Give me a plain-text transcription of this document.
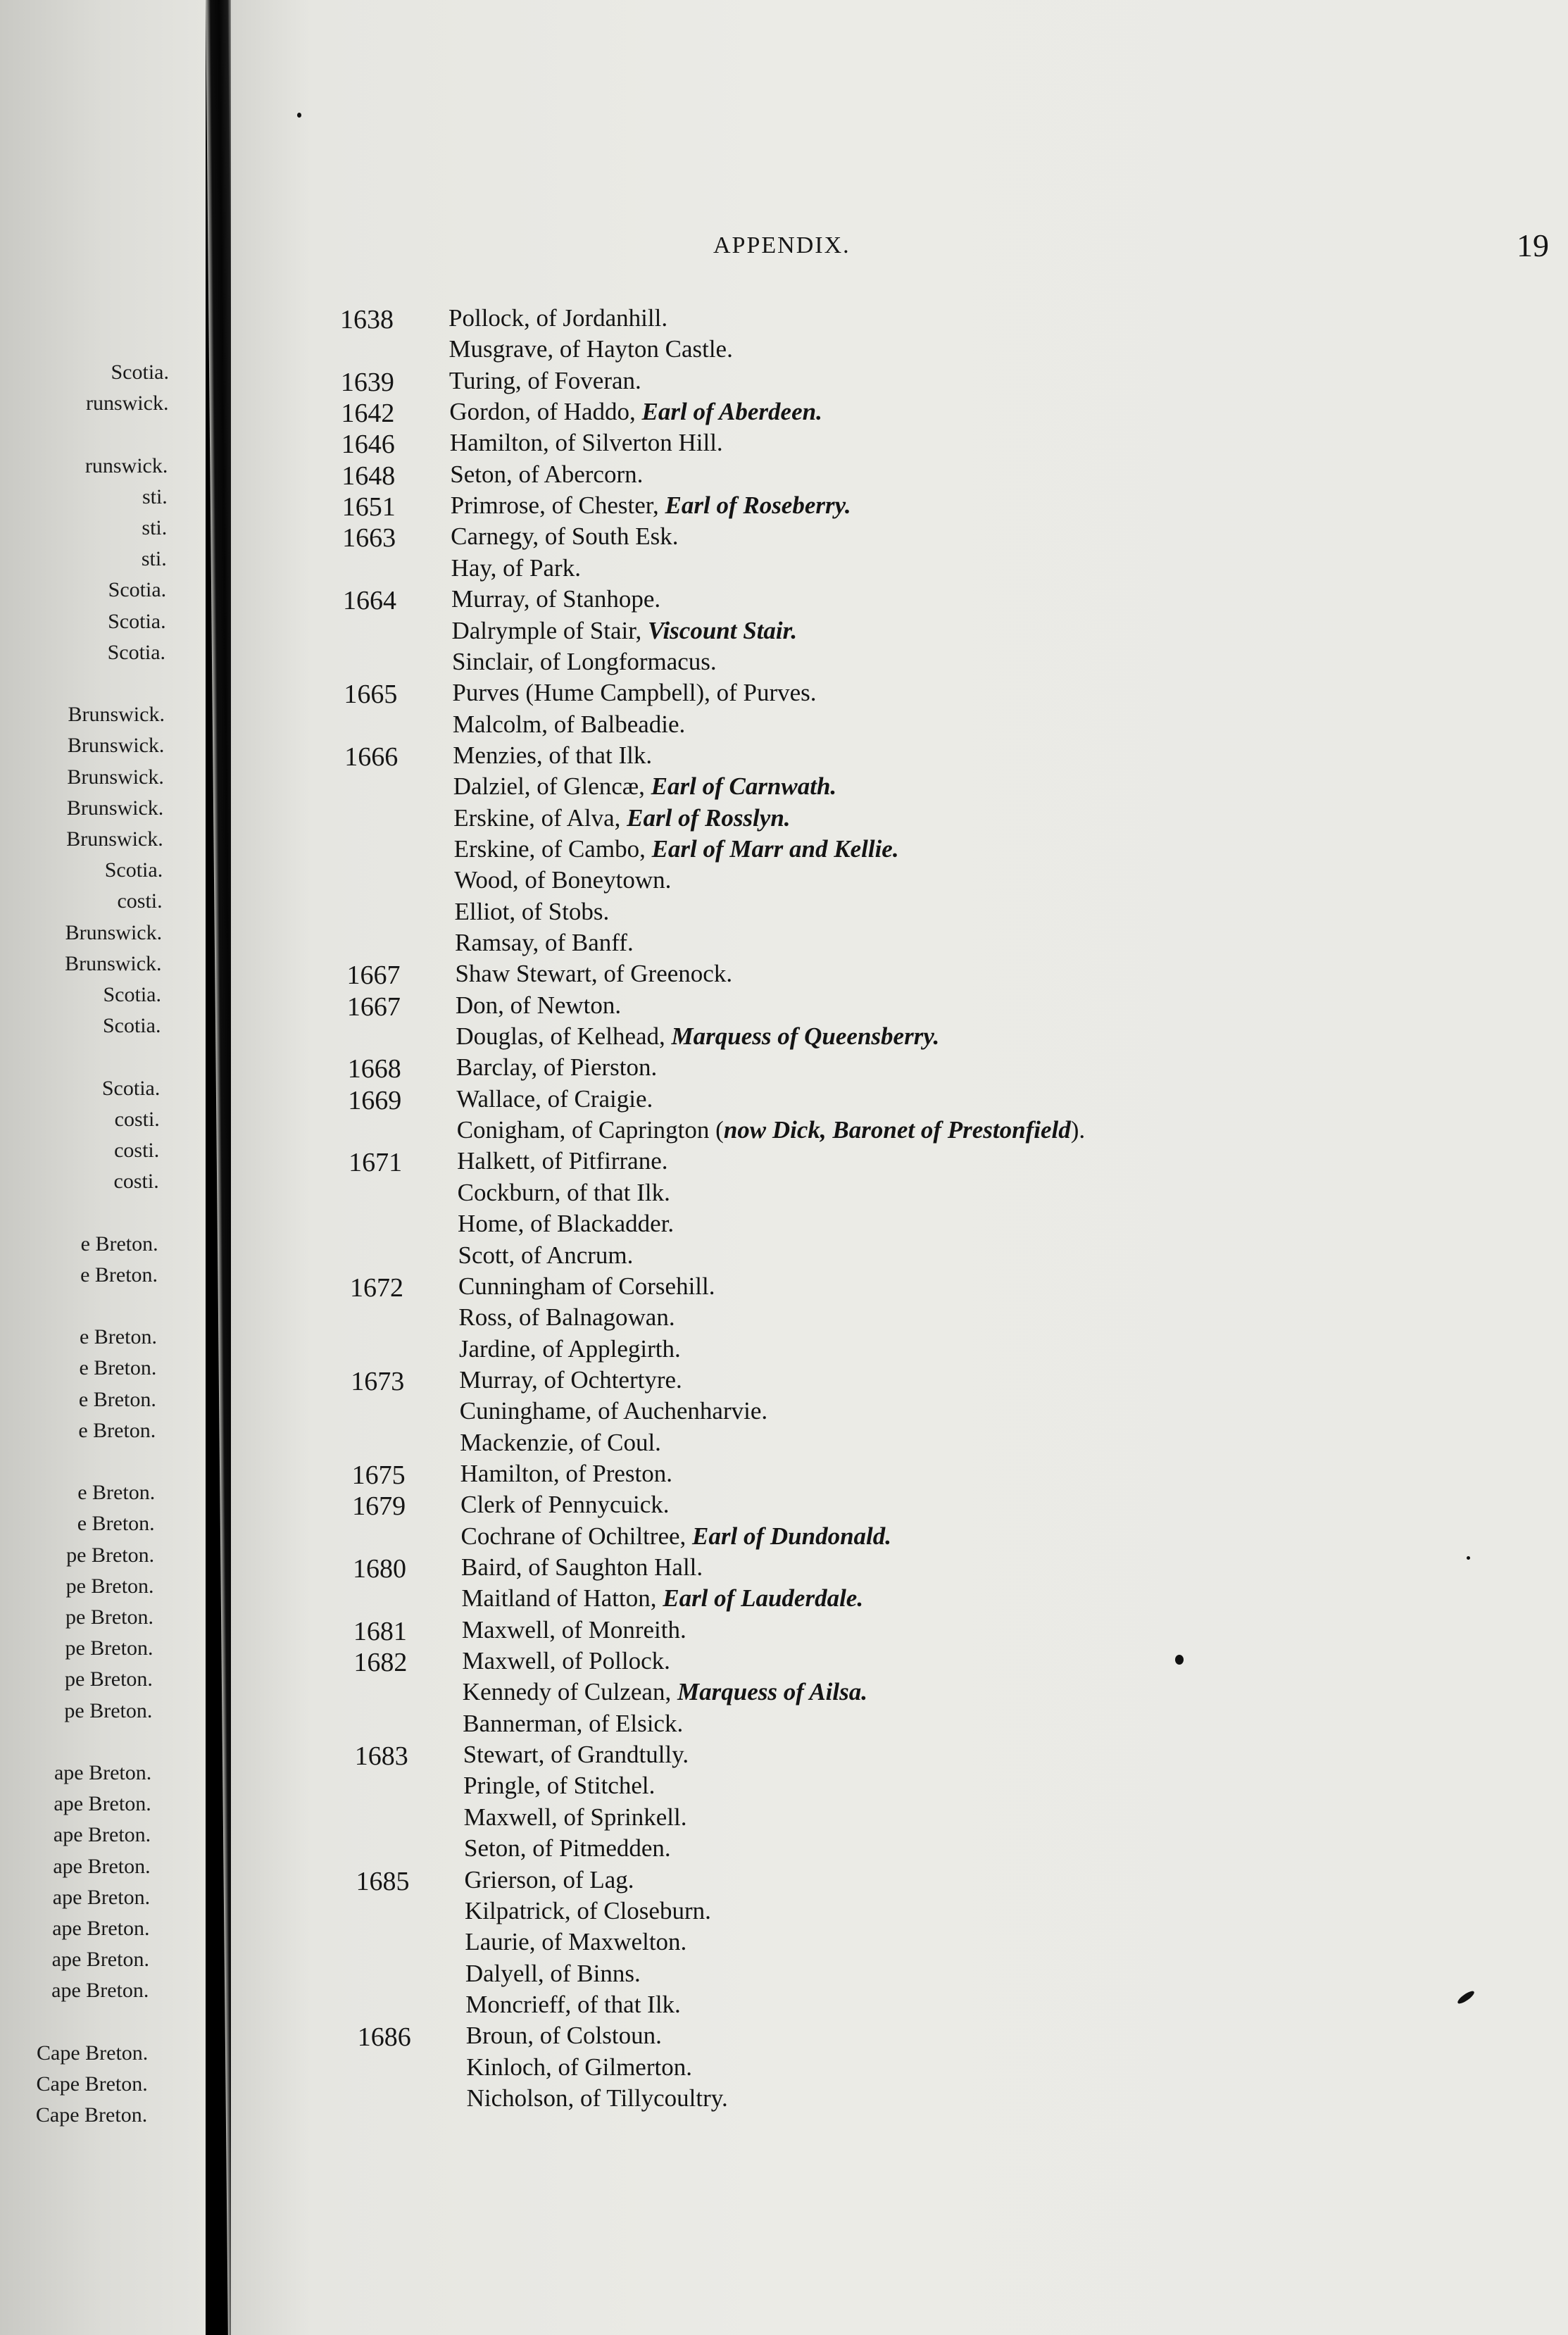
Scotia.
runswick.
runswick.
sti.
sti.
sti.
Scotia.
Scotia.
Scotia.
Brunswick.
Brunswick.
Brunswick.
Brunswick.
Brunswick.
Scotia.
costi.
Brunswick.
Brunswick.
Scotia.
Scotia.
Scotia.
costi.
costi.
costi.
e Breton.
e Breton.
e Breton.
e Breton.
e Breton.
e Breton.
e Breton.
e Breton.
pe Breton.
pe Breton.
pe Breton.
pe Breton.
pe Breton.
pe Breton.
ape Breton.
ape Breton.
ape Breton.
ape Breton.
ape Breton.
ape Breton.
ape Breton.
ape Breton.
Cape Breton.
Cape Breton.
Cape Breton.
APPENDIX.	19
1638	Pollock, of Jordanhill.
Musgrave, of Hayton Castle.
1639	Turing, of Foveran.
1642	Gordon, of Haddo, Earl of Aberdeen.
1646	Hamilton, of Silverton Hill.
1648	Seton, of Abercorn.
1651	Primrose, of Chester, Earl of Roseberry.
1663	Carnegy, of South Esk.
Hay, of Park.
1664	Murray, of Stanhope.
Dalrymple of Stair, Viscount Stair.
Sinclair, of Longformacus.
1665	Purves (Hume Campbell), of Purves.
Malcolm, of Balbeadie.
1666	Menzies, of that Ilk.
Dalziel, of Glencæ, Earl of Carnwath.
Erskine, of Alva, Earl of Rosslyn.
Erskine, of Cambo, Earl of Marr and Kellie.
Wood, of Boneytown.
Elliot, of Stobs.
Ramsay, of Banff.
1667	Shaw Stewart, of Greenock.
1667	Don, of Newton.
Douglas, of Kelhead, Marquess of Queensberry.
1668	Barclay, of Pierston.
1669	Wallace, of Craigie.
Conigham, of Caprington (now Dick, Baronet of Prestonfield).
1671	Halkett, of Pitfirrane.
Cockburn, of that Ilk.
Home, of Blackadder.
Scott, of Ancrum.
1672	Cunningham of Corsehill.
Ross, of Balnagowan.
Jardine, of Applegirth.
1673	Murray, of Ochtertyre.
Cuninghame, of Auchenharvie.
Mackenzie, of Coul.
1675	Hamilton, of Preston.
1679	Clerk of Pennycuick.
Cochrane of Ochiltree, Earl of Dundonald.
1680	Baird, of Saughton Hall.
Maitland of Hatton, Earl of Lauderdale.
1681	Maxwell, of Monreith.
1682	Maxwell, of Pollock.
Kennedy of Culzean, Marquess of Ailsa.
Bannerman, of Elsick.
1683	Stewart, of Grandtully.
Pringle, of Stitchel.
Maxwell, of Sprinkell.
Seton, of Pitmedden.
1685	Grierson, of Lag.
Kilpatrick, of Closeburn.
Laurie, of Maxwelton.
Dalyell, of Binns.
Moncrieff, of that Ilk.
1686	Broun, of Colstoun.
Kinloch, of Gilmerton.
Nicholson, of Tillycoultry.
